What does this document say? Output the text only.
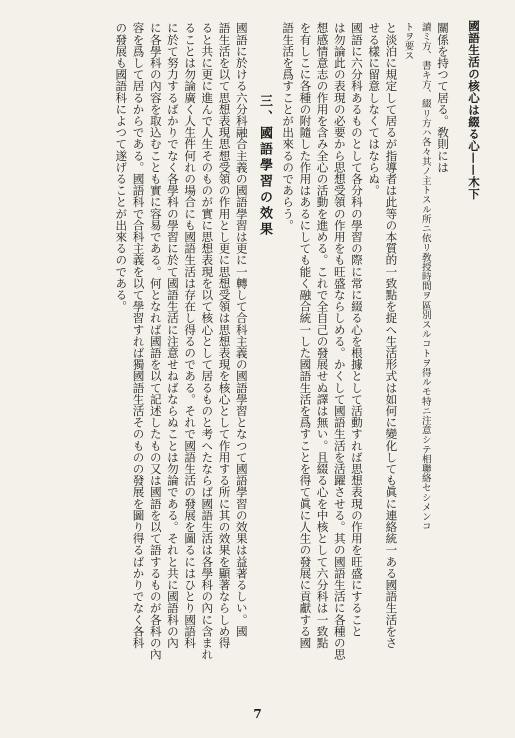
國語生活の核心は綴る心——木下
關係を持つて居る。敎則には
讀ミ方、書キ方、綴リ方ハ各々其ノ主トスル所ニ依リ敎授時間ヲ區別スルコトヲ得ルモ特ニ注意シテ相聯絡セシメンコ
トヲ要ス
と淡泊に規定して居るが指導者は此等の本質的一致點を捉へ生活形式は如何に變化しても眞に連絡統一ある國語生活をさ
せる樣に留意しなくてはならぬ。
國語に六分科あるものとして各分科の學習の際に常に綴る心を根據として活動すれば思想表現の作用を旺盛にすること
は勿論此の表現の必要から思想受領の作用をも旺盛ならしめる。かくして國語生活を活躍させる。其の國語生活に各種の思
想感情意志の作用を含み全心の活動を進める。これで全自己の發展せぬ譯は無い。且綴る心を中核として六分科は一致點
を有しこに各種の附隨した作用はあるにしても能く融合統一した國語生活を爲すことを得て眞に人生の發展に貢獻する國
語生活を爲すことが出來るのであらう。
三、國語學習の效果
國語に於ける六分科融合主義の國語學習は更に一轉して合科主義の國語學習となつて國語學習の效果は益著るしい。國
語生活を以て思想表現思想受領の作用とし更に思想受領は思想表現を核心として作用する所に其の效果を顯著ならしめ得
ると共に更に進んで人生そのものが實に思想表現を以て核心として居るものと考へたならば國語生活は各學科の內に含まれ
ることは勿論廣く人生件何れの場合にも國語生活は存在し得るのである。それで國語生活の發展を圖るにはひとり國語科
に於て努力するばかりでなく各學科の學習に於て國語生活に注意せねばならぬことは勿論である。それと共に國語科の內
に各學科の內容を取込むことも實に容易である。何となれば國語を以て記述したもの又は國語を以て語するものが各科の內
容を爲して居るからである。國語科で合科主義を以て學習すれば獨國語生活そのものの發展を圖り得るばかりでなく各科
の發展も國語科によつて遂げることが出來るのである。
7
